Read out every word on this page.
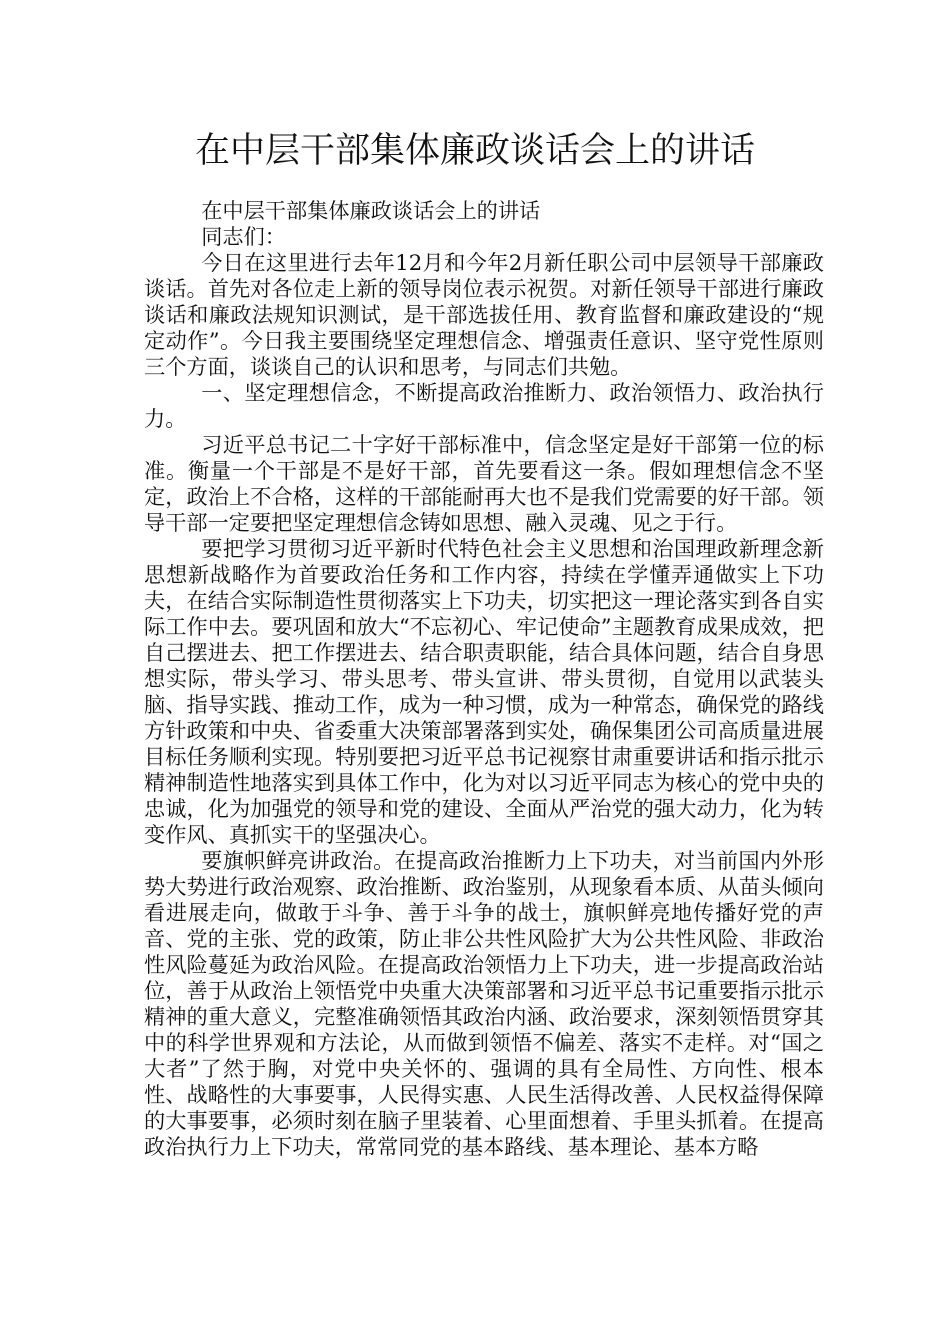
在中层干部集体廉政谈话会上的讲话

在中层干部集体廉政谈话会上的讲话

同志们：

今日在这里进行去年12月和今年2月新任职公司中层领导干部廉政谈话。首先对各位走上新的领导岗位表示祝贺。对新任领导干部进行廉政谈话和廉政法规知识测试，是干部选拔任用、教育监督和廉政建设的“规定动作”。今日我主要围绕坚定理想信念、增强责任意识、坚守党性原则三个方面，谈谈自己的认识和思考，与同志们共勉。

一、坚定理想信念，不断提高政治推断力、政治领悟力、政治执行力。

习近平总书记二十字好干部标准中，信念坚定是好干部第一位的标准。衡量一个干部是不是好干部，首先要看这一条。假如理想信念不坚定，政治上不合格，这样的干部能耐再大也不是我们党需要的好干部。领导干部一定要把坚定理想信念铸如思想、融入灵魂、见之于行。

要把学习贯彻习近平新时代特色社会主义思想和治国理政新理念新思想新战略作为首要政治任务和工作内容，持续在学懂弄通做实上下功夫，在结合实际制造性贯彻落实上下功夫，切实把这一理论落实到各自实际工作中去。要巩固和放大“不忘初心、牢记使命”主题教育成果成效，把自己摆进去、把工作摆进去、结合职责职能，结合具体问题，结合自身思想实际，带头学习、带头思考、带头宣讲、带头贯彻，自觉用以武装头脑、指导实践、推动工作，成为一种习惯，成为一种常态，确保党的路线方针政策和中央、省委重大决策部署落到实处，确保集团公司高质量进展目标任务顺利实现。特别要把习近平总书记视察甘肃重要讲话和指示批示精神制造性地落实到具体工作中，化为对以习近平同志为核心的党中央的忠诚，化为加强党的领导和党的建设、全面从严治党的强大动力，化为转变作风、真抓实干的坚强决心。

要旗帜鲜亮讲政治。在提高政治推断力上下功夫，对当前国内外形势大势进行政治观察、政治推断、政治鉴别，从现象看本质、从苗头倾向看进展走向，做敢于斗争、善于斗争的战士，旗帜鲜亮地传播好党的声音、党的主张、党的政策，防止非公共性风险扩大为公共性风险、非政治性风险蔓延为政治风险。在提高政治领悟力上下功夫，进一步提高政治站位，善于从政治上领悟党中央重大决策部署和习近平总书记重要指示批示精神的重大意义，完整准确领悟其政治内涵、政治要求，深刻领悟贯穿其中的科学世界观和方法论，从而做到领悟不偏差、落实不走样。对“国之大者”了然于胸，对党中央关怀的、强调的具有全局性、方向性、根本性、战略性的大事要事，人民得实惠、人民生活得改善、人民权益得保障的大事要事，必须时刻在脑子里装着、心里面想着、手里头抓着。在提高政治执行力上下功夫，常常同党的基本路线、基本理论、基本方略
